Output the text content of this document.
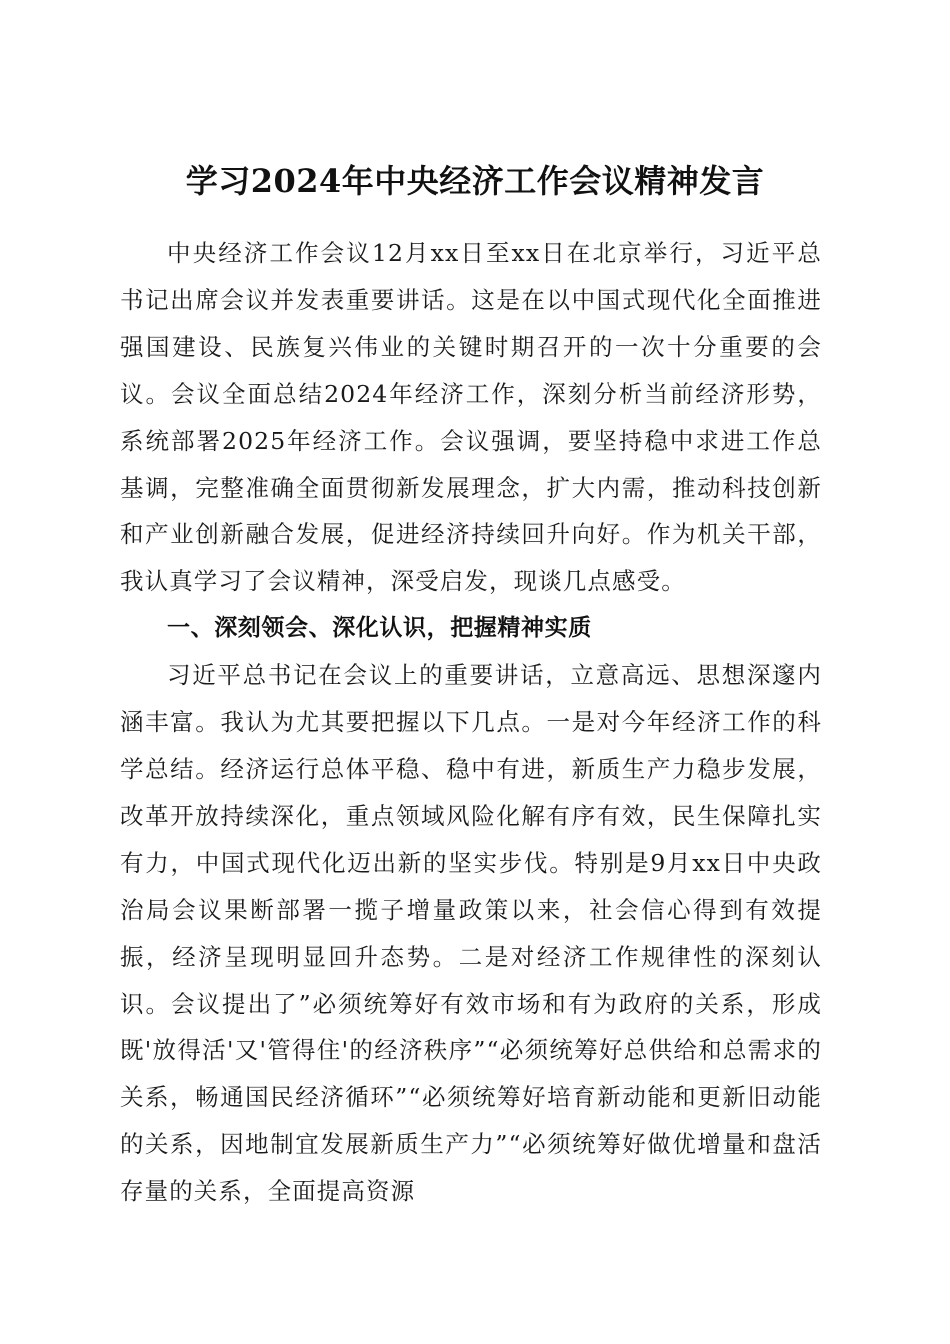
学习2024年中央经济工作会议精神发言

中央经济工作会议12月xx日至xx日在北京举行，习近平总书记出席会议并发表重要讲话。这是在以中国式现代化全面推进强国建设、民族复兴伟业的关键时期召开的一次十分重要的会议。会议全面总结2024年经济工作，深刻分析当前经济形势，系统部署2025年经济工作。会议强调，要坚持稳中求进工作总基调，完整准确全面贯彻新发展理念，扩大内需，推动科技创新和产业创新融合发展，促进经济持续回升向好。作为机关干部，我认真学习了会议精神，深受启发，现谈几点感受。

一、深刻领会、深化认识，把握精神实质

习近平总书记在会议上的重要讲话，立意高远、思想深邃内涵丰富。我认为尤其要把握以下几点。一是对今年经济工作的科学总结。经济运行总体平稳、稳中有进，新质生产力稳步发展，改革开放持续深化，重点领域风险化解有序有效，民生保障扎实有力，中国式现代化迈出新的坚实步伐。特别是9月xx日中央政治局会议果断部署一揽子增量政策以来，社会信心得到有效提振，经济呈现明显回升态势。二是对经济工作规律性的深刻认识。会议提出了”必须统筹好有效市场和有为政府的关系，形成既'放得活'又'管得住'的经济秩序”“必须统筹好总供给和总需求的关系，畅通国民经济循环”“必须统筹好培育新动能和更新旧动能的关系，因地制宜发展新质生产力”“必须统筹好做优增量和盘活存量的关系，全面提高资源
